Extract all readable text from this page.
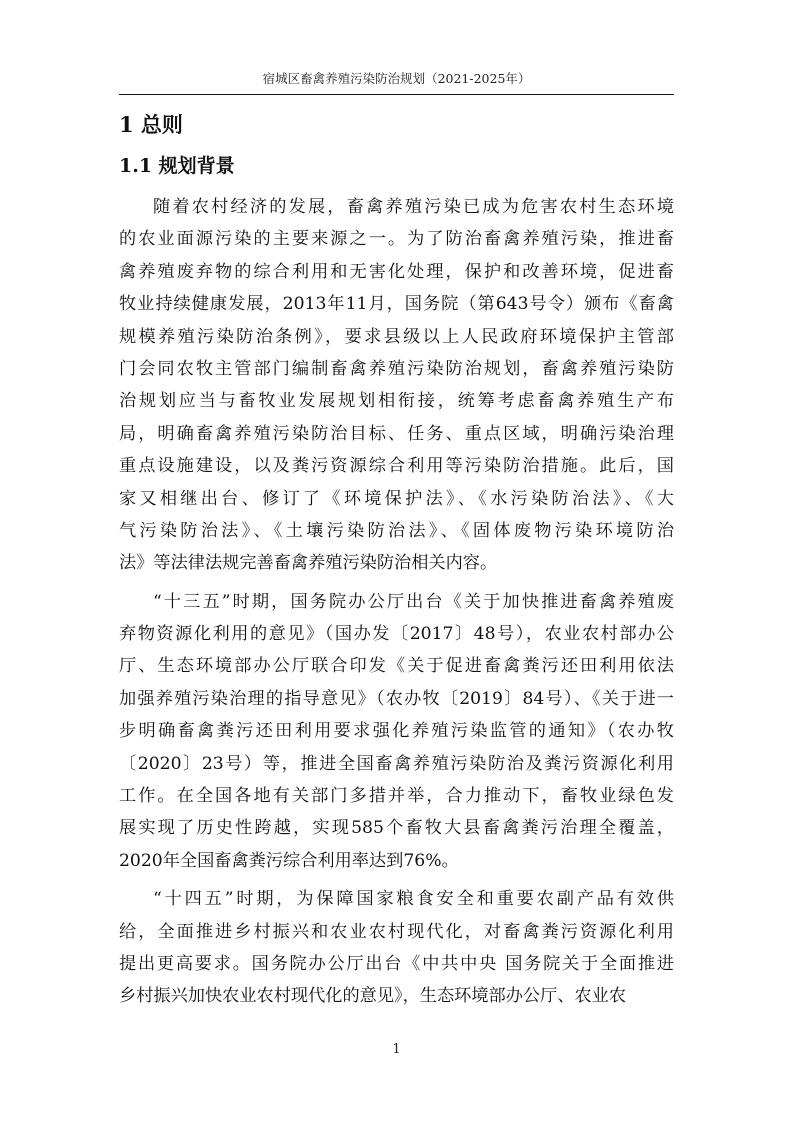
宿城区畜禽养殖污染防治规划（2021-2025年）
1 总则
1.1 规划背景
随着农村经济的发展，畜禽养殖污染已成为危害农村生态环境
的农业面源污染的主要来源之一。为了防治畜禽养殖污染，推进畜
禽养殖废弃物的综合利用和无害化处理，保护和改善环境，促进畜
牧业持续健康发展，2013年11月，国务院（第643号令）颁布《畜禽
规模养殖污染防治条例》，要求县级以上人民政府环境保护主管部
门会同农牧主管部门编制畜禽养殖污染防治规划，畜禽养殖污染防
治规划应当与畜牧业发展规划相衔接，统筹考虑畜禽养殖生产布
局，明确畜禽养殖污染防治目标、任务、重点区域，明确污染治理
重点设施建设，以及粪污资源综合利用等污染防治措施。此后，国
家又相继出台、修订了《环境保护法》、《水污染防治法》、《大
气污染防治法》、《土壤污染防治法》、《固体废物污染环境防治
法》等法律法规完善畜禽养殖污染防治相关内容。
“十三五”时期，国务院办公厅出台《关于加快推进畜禽养殖废
弃物资源化利用的意见》（国办发〔2017〕48号），农业农村部办公
厅、生态环境部办公厅联合印发《关于促进畜禽粪污还田利用依法
加强养殖污染治理的指导意见》（农办牧〔2019〕84号）、《关于进一
步明确畜禽粪污还田利用要求强化养殖污染监管的通知》（农办牧
〔2020〕23号）等，推进全国畜禽养殖污染防治及粪污资源化利用
工作。在全国各地有关部门多措并举，合力推动下，畜牧业绿色发
展实现了历史性跨越，实现585个畜牧大县畜禽粪污治理全覆盖，
2020年全国畜禽粪污综合利用率达到76%。
“十四五”时期，为保障国家粮食安全和重要农副产品有效供
给，全面推进乡村振兴和农业农村现代化，对畜禽粪污资源化利用
提出更高要求。国务院办公厅出台《中共中央 国务院关于全面推进
乡村振兴加快农业农村现代化的意见》，生态环境部办公厅、农业农
1
